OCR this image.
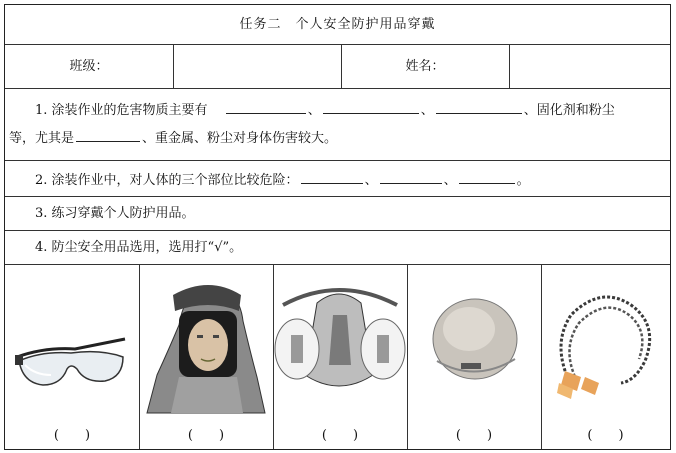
任务二　个人安全防护用品穿戴
班级：	姓名：
1. 涂装作业的危害物质主要有	、	、	、固化剂和粉尘
等，尤其是	、重金属、粉尘对身体伤害较大。
2. 涂装作业中，对人体的三个部位比较危险：	、	、	。
3. 练习穿戴个人防护用品。
4. 防尘安全用品选用，选用打“√”。
(　　)	(　　)	(　　)	(　　)	(　　)
